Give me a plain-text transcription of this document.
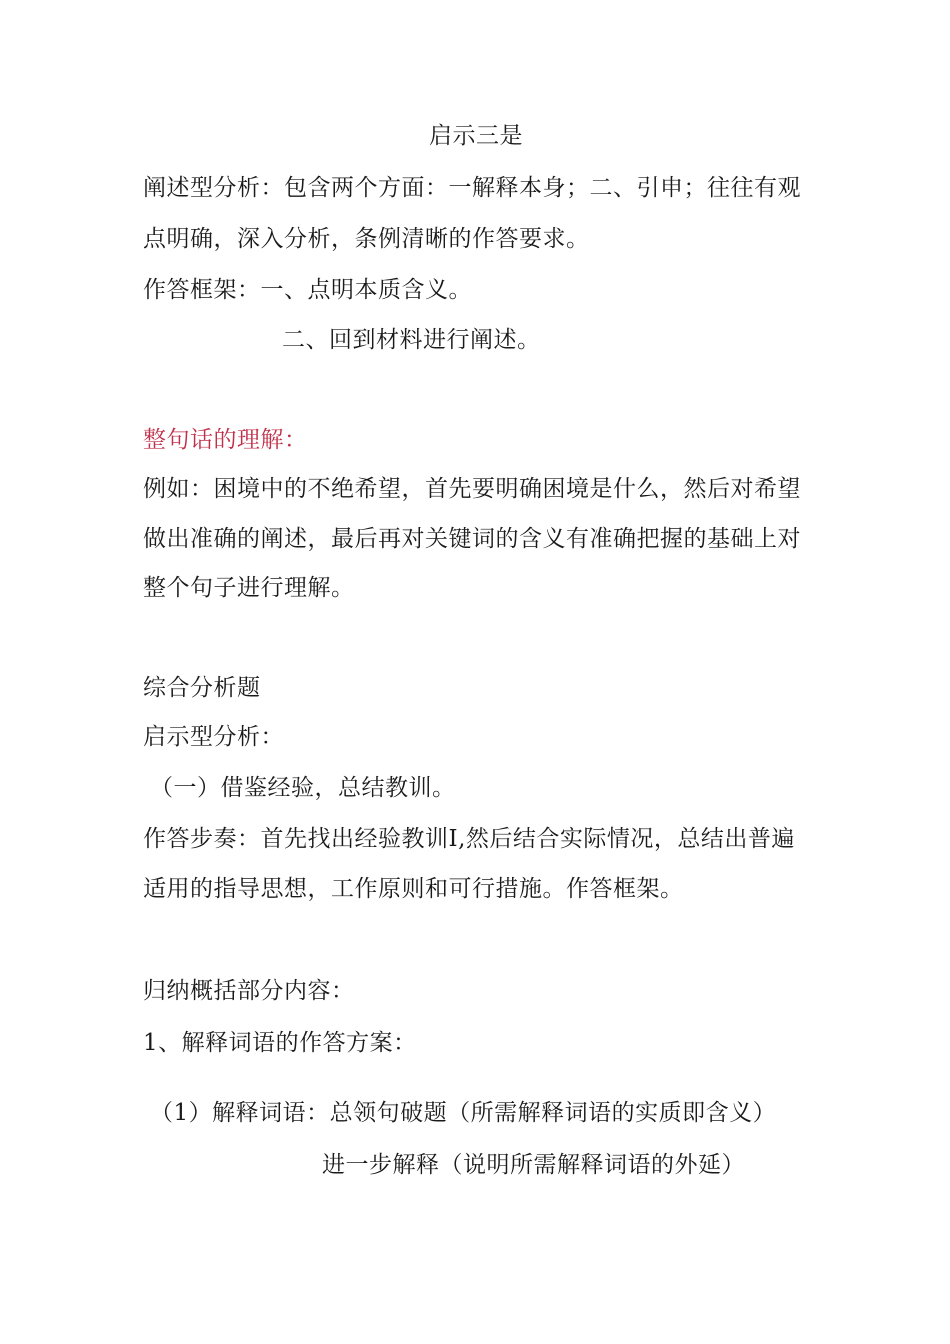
启示三是
阐述型分析：包含两个方面：一解释本身；二、引申；往往有观
点明确，深入分析，条例清晰的作答要求。
作答框架：一、点明本质含义。
二、回到材料进行阐述。
整句话的理解：
例如：困境中的不绝希望，首先要明确困境是什么，然后对希望
做出准确的阐述，最后再对关键词的含义有准确把握的基础上对
整个句子进行理解。
综合分析题
启示型分析：
（一）借鉴经验，总结教训。
作答步奏：首先找出经验教训I,然后结合实际情况，总结出普遍
适用的指导思想，工作原则和可行措施。作答框架。
归纳概括部分内容：
1、解释词语的作答方案：
（1）解释词语：总领句破题（所需解释词语的实质即含义）
进一步解释（说明所需解释词语的外延）
